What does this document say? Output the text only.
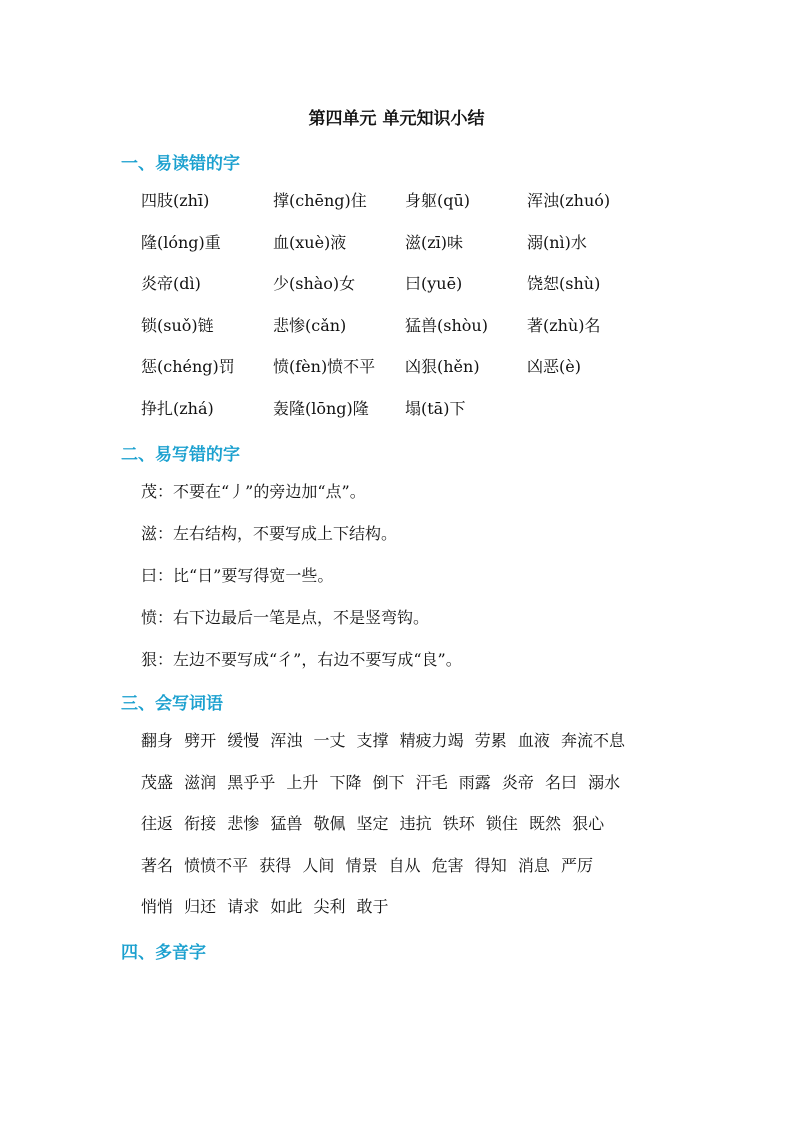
第四单元 单元知识小结
一、易读错的字
四肢(zhī)	撑(chēng)住	身躯(qū)	浑浊(zhuó)
隆(lóng)重	血(xuè)液	滋(zī)味	溺(nì)水
炎帝(dì)	少(shào)女	曰(yuē)	饶恕(shù)
锁(suǒ)链	悲惨(cǎn)	猛兽(shòu)	著(zhù)名
惩(chéng)罚	愤(fèn)愤不平	凶狠(hěn)	凶恶(è)
挣扎(zhá)	轰隆(lōng)隆	塌(tā)下
二、易写错的字
茂：不要在“丿”的旁边加“点”。
滋：左右结构，不要写成上下结构。
曰：比“日”要写得宽一些。
愤：右下边最后一笔是点，不是竖弯钩。
狠：左边不要写成“彳”，右边不要写成“良”。
三、会写词语
翻身 劈开 缓慢 浑浊 一丈 支撑 精疲力竭 劳累 血液 奔流不息
茂盛 滋润 黑乎乎 上升 下降 倒下 汗毛 雨露 炎帝 名曰 溺水
往返 衔接 悲惨 猛兽 敬佩 坚定 违抗 铁环 锁住 既然 狠心
著名 愤愤不平 获得 人间 情景 自从 危害 得知 消息 严厉
悄悄 归还 请求 如此 尖利 敢于
四、多音字
